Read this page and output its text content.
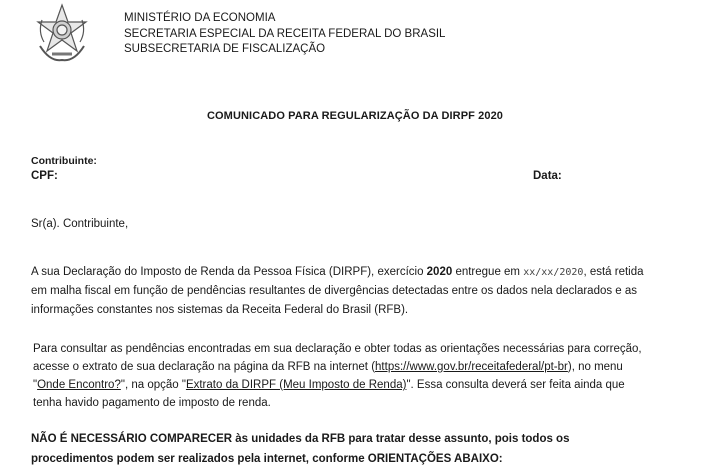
MINISTÉRIO DA ECONOMIA
SECRETARIA ESPECIAL DA RECEITA FEDERAL DO BRASIL
SUBSECRETARIA DE FISCALIZAÇÃO
COMUNICADO PARA REGULARIZAÇÃO DA DIRPF 2020
Contribuinte:
CPF:	Data:
Sr(a). Contribuinte,
A sua Declaração do Imposto de Renda da Pessoa Física (DIRPF), exercício 2020 entregue em xx/xx/2020, está retida
em malha fiscal em função de pendências resultantes de divergências detectadas entre os dados nela declarados e as
informações constantes nos sistemas da Receita Federal do Brasil (RFB).
Para consultar as pendências encontradas em sua declaração e obter todas as orientações necessárias para correção,
acesse o extrato de sua declaração na página da RFB na internet (https://www.gov.br/receitafederal/pt-br), no menu
"Onde Encontro?", na opção "Extrato da DIRPF (Meu Imposto de Renda)". Essa consulta deverá ser feita ainda que
tenha havido pagamento de imposto de renda.
NÃO É NECESSÁRIO COMPARECER às unidades da RFB para tratar desse assunto, pois todos os
procedimentos podem ser realizados pela internet, conforme ORIENTAÇÕES ABAIXO:
